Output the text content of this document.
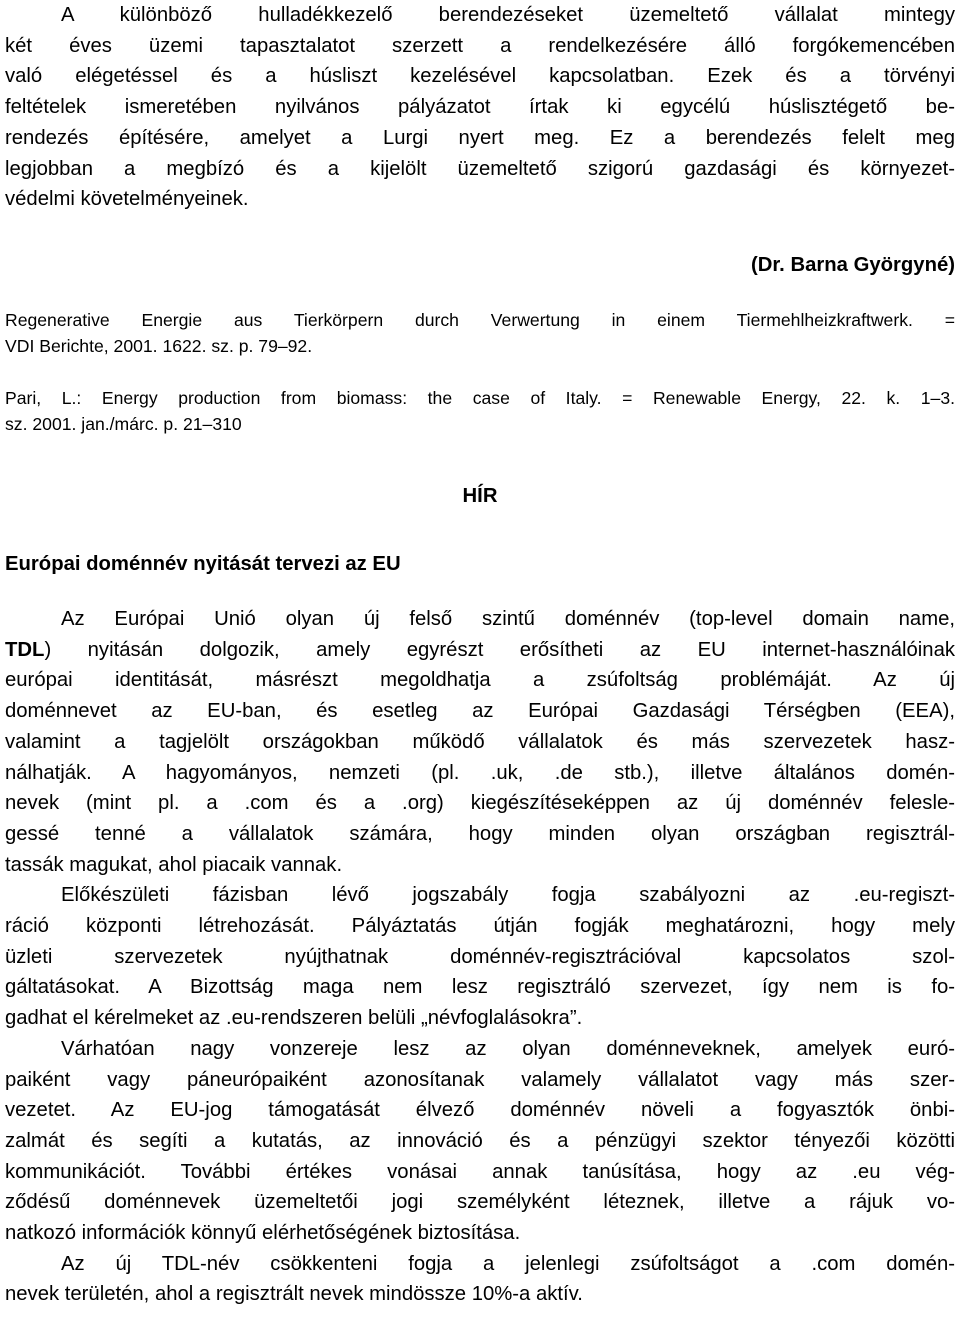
A különböző hulladékkezelő berendezéseket üzemeltető vállalat mintegy
két éves üzemi tapasztalatot szerzett a rendelkezésére álló forgókemencében
való elégetéssel és a húsliszt kezelésével kapcsolatban. Ezek és a törvényi
feltételek ismeretében nyilvános pályázatot írtak ki egycélú húslisztégető be-
rendezés építésére, amelyet a Lurgi nyert meg. Ez a berendezés felelt meg
legjobban a megbízó és a kijelölt üzemeltető szigorú gazdasági és környezet-
védelmi követelményeinek.
(Dr. Barna Györgyné)
Regenerative Energie aus Tierkörpern durch Verwertung in einem Tiermehlheizkraftwerk. =
VDI Berichte, 2001. 1622. sz. p. 79–92.
Pari, L.: Energy production from biomass: the case of Italy. = Renewable Energy, 22. k. 1–3.
sz. 2001. jan./márc. p. 21–310
HÍR
Európai doménnév nyitását tervezi az EU
Az Európai Unió olyan új felső szintű doménnév (top-level domain name,
TDL) nyitásán dolgozik, amely egyrészt erősítheti az EU internet-használóinak
európai identitását, másrészt megoldhatja a zsúfoltság problémáját. Az új
doménnevet az EU-ban, és esetleg az Európai Gazdasági Térségben (EEA),
valamint a tagjelölt országokban működő vállalatok és más szervezetek hasz-
nálhatják. A hagyományos, nemzeti (pl. .uk, .de stb.), illetve általános domén-
nevek (mint pl. a .com és a .org) kiegészítéseképpen az új doménnév felesle-
gessé tenné a vállalatok számára, hogy minden olyan országban regisztrál-
tassák magukat, ahol piacaik vannak.
Előkészületi fázisban lévő jogszabály fogja szabályozni az .eu-regiszt-
ráció központi létrehozását. Pályáztatás útján fogják meghatározni, hogy mely
üzleti szervezetek nyújthatnak doménnév-regisztrációval kapcsolatos szol-
gáltatásokat. A Bizottság maga nem lesz regisztráló szervezet, így nem is fo-
gadhat el kérelmeket az .eu-rendszeren belüli „névfoglalásokra”.
Várhatóan nagy vonzereje lesz az olyan doménneveknek, amelyek euró-
paiként vagy páneurópaiként azonosítanak valamely vállalatot vagy más szer-
vezetet. Az EU-jog támogatását élvező doménnév növeli a fogyasztók önbi-
zalmát és segíti a kutatás, az innováció és a pénzügyi szektor tényezői közötti
kommunikációt. További értékes vonásai annak tanúsítása, hogy az .eu vég-
ződésű doménnevek üzemeltetői jogi személyként léteznek, illetve a rájuk vo-
natkozó információk könnyű elérhetőségének biztosítása.
Az új TDL-név csökkenteni fogja a jelenlegi zsúfoltságot a .com domén-
nevek területén, ahol a regisztrált nevek mindössze 10%-a aktív.
